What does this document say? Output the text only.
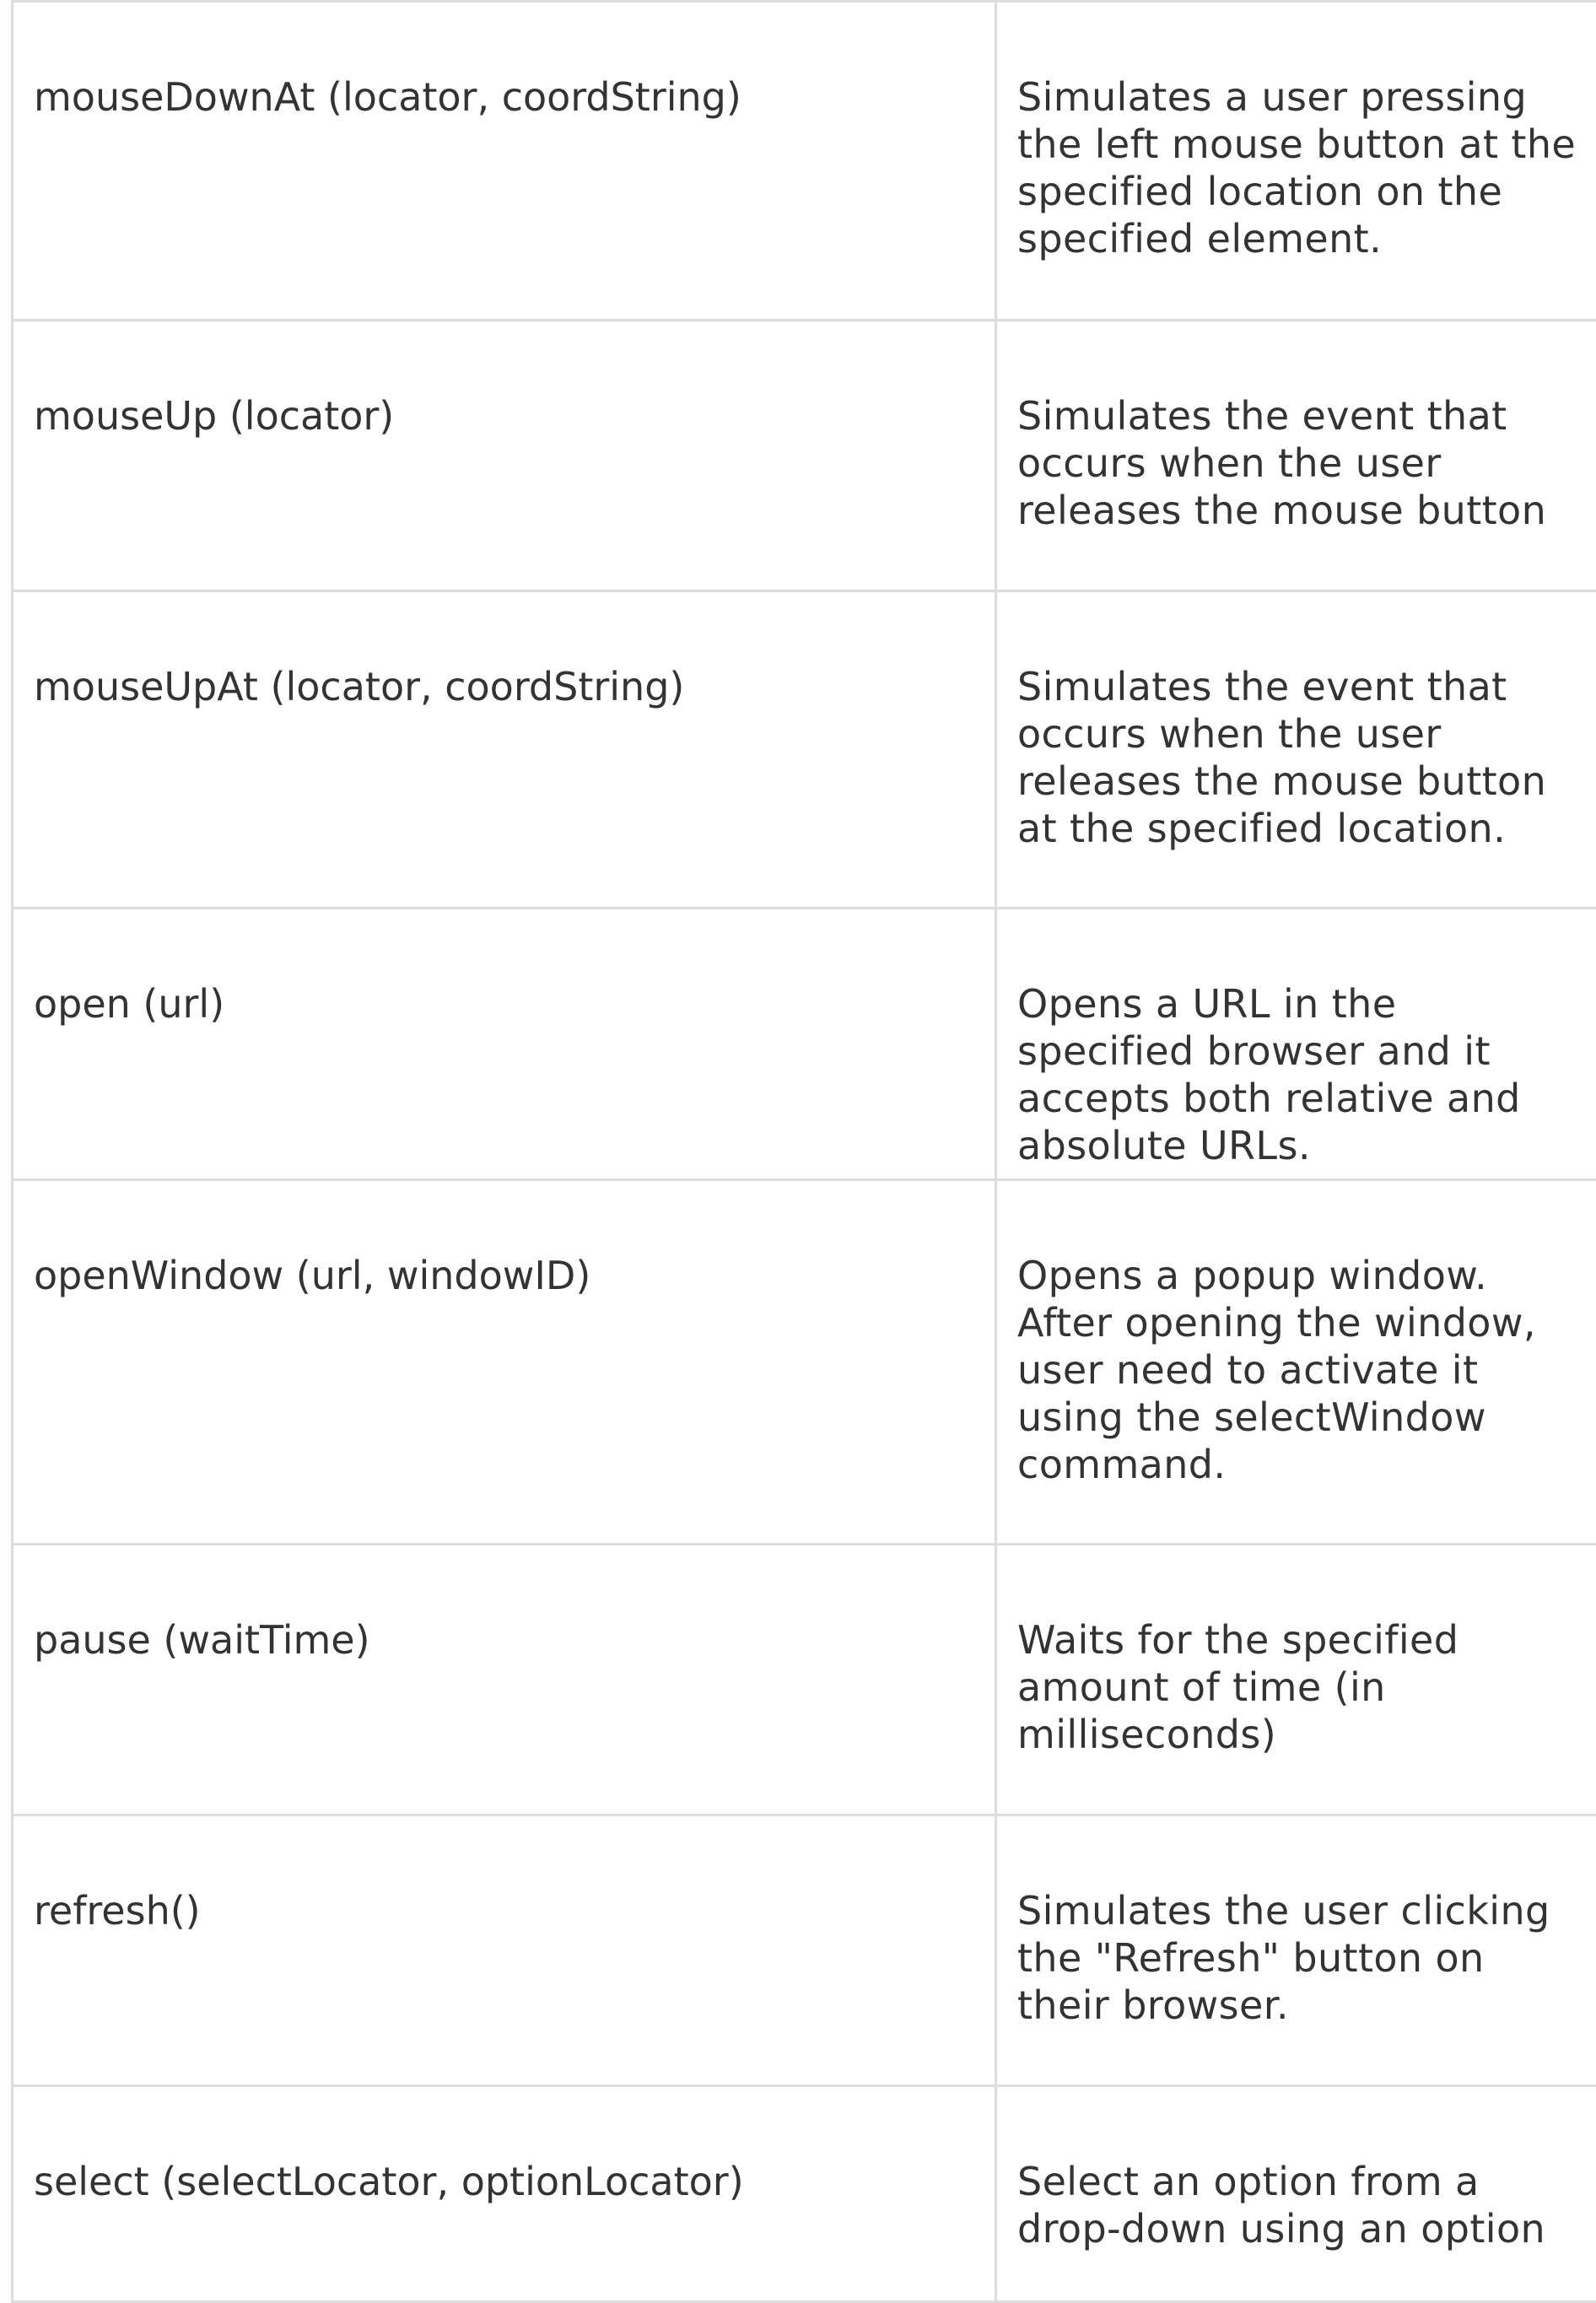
mouseDownAt (locator, coordString)	Simulates a user pressing the left mouse button at the specified location on the specified element.

mouseUp (locator)	Simulates the event that occurs when the user releases the mouse button

mouseUpAt (locator, coordString)	Simulates the event that occurs when the user releases the mouse button at the specified location.

open (url)	Opens a URL in the specified browser and it accepts both relative and absolute URLs.

openWindow (url, windowID)	Opens a popup window. After opening the window, user need to activate it using the selectWindow command.

pause (waitTime)	Waits for the specified amount of time (in milliseconds)

refresh()	Simulates the user clicking the "Refresh" button on their browser.

select (selectLocator, optionLocator)	Select an option from a drop-down using an option
